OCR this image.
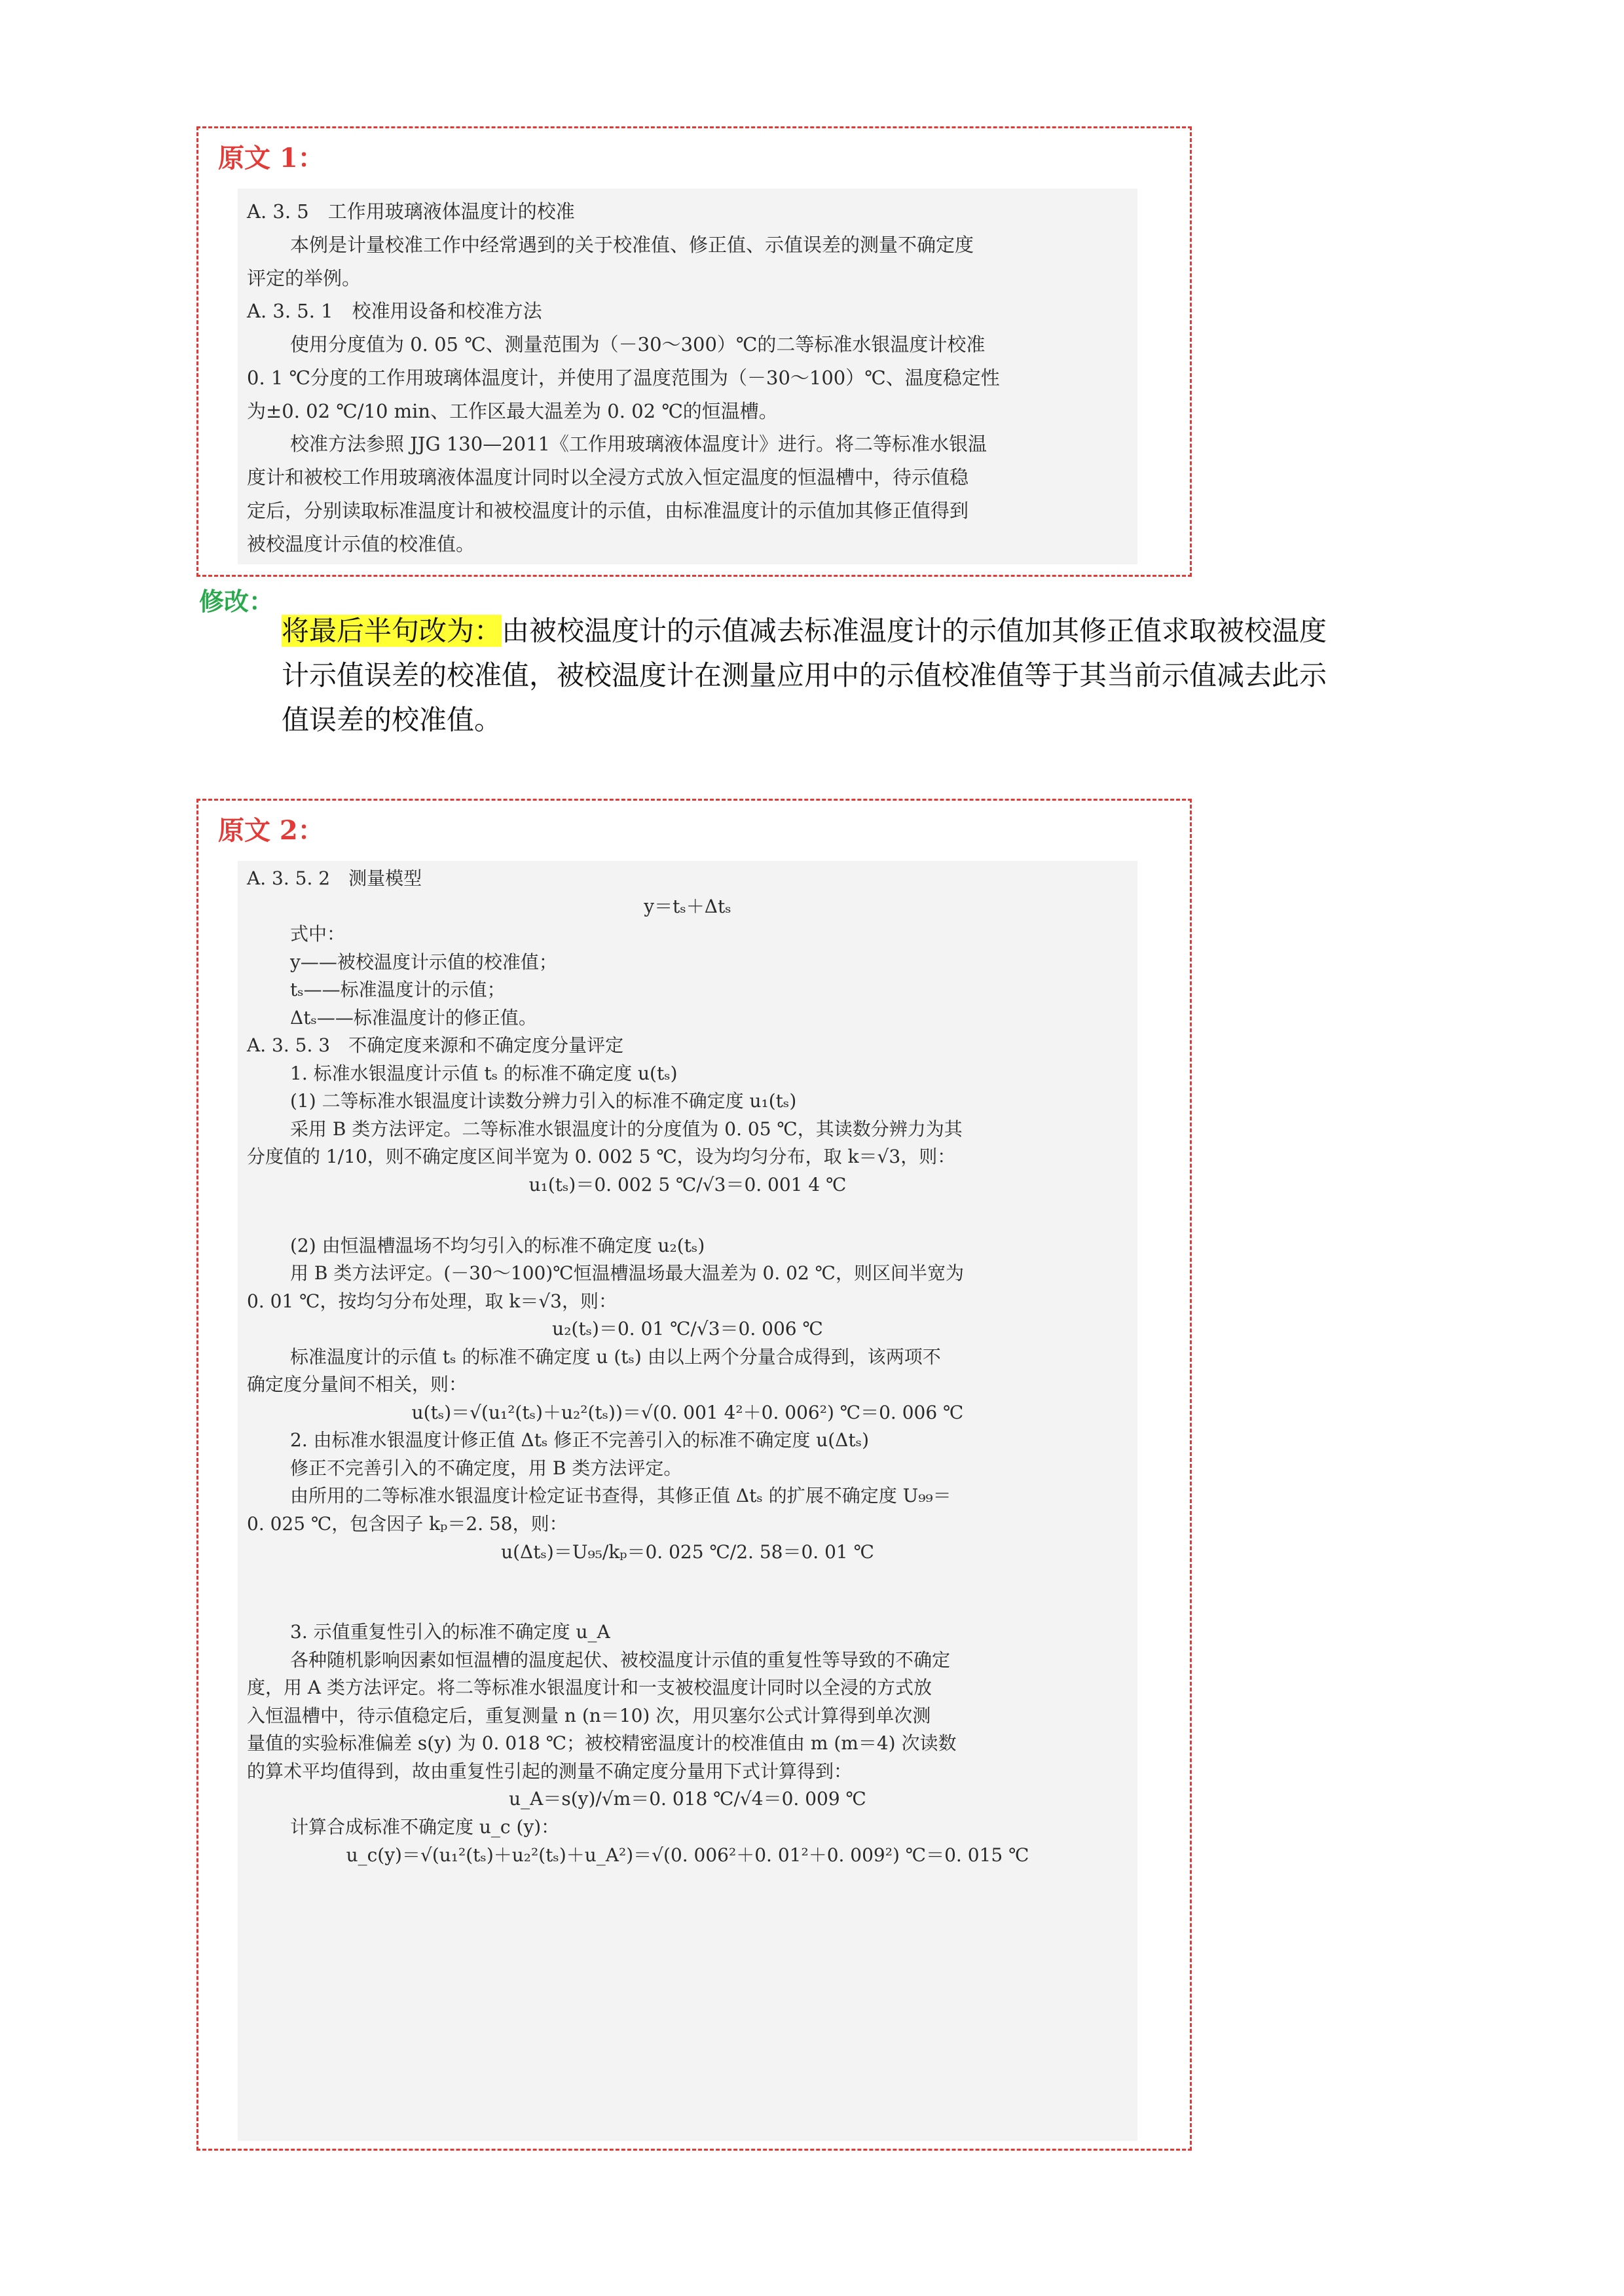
原文 1：

A. 3. 5　工作用玻璃液体温度计的校准

本例是计量校准工作中经常遇到的关于校准值、修正值、示值误差的测量不确定度

评定的举例。

A. 3. 5. 1　校准用设备和校准方法

使用分度值为 0. 05 ℃、测量范围为（－30～300）℃的二等标准水银温度计校准

0. 1 ℃分度的工作用玻璃体温度计，并使用了温度范围为（－30～100）℃、温度稳定性

为±0. 02 ℃/10 min、工作区最大温差为 0. 02 ℃的恒温槽。

校准方法参照 JJG 130—2011《工作用玻璃液体温度计》进行。将二等标准水银温

度计和被校工作用玻璃液体温度计同时以全浸方式放入恒定温度的恒温槽中，待示值稳

定后，分别读取标准温度计和被校温度计的示值，由标准温度计的示值加其修正值得到

被校温度计示值的校准值。

修改：
将最后半句改为：由被校温度计的示值减去标准温度计的示值加其修正值求取被校温度计示值误差的校准值，被校温度计在测量应用中的示值校准值等于其当前示值减去此示值误差的校准值。
原文 2：

A. 3. 5. 2　测量模型

y＝tₛ＋Δtₛ

式中：

y——被校温度计示值的校准值；

tₛ——标准温度计的示值；

Δtₛ——标准温度计的修正值。

A. 3. 5. 3　不确定度来源和不确定度分量评定

1. 标准水银温度计示值 tₛ 的标准不确定度 u(tₛ)

(1) 二等标准水银温度计读数分辨力引入的标准不确定度 u₁(tₛ)

采用 B 类方法评定。二等标准水银温度计的分度值为 0. 05 ℃，其读数分辨力为其

分度值的 1/10，则不确定度区间半宽为 0. 002 5 ℃，设为均匀分布，取 k＝√3，则：

u₁(tₛ)＝0. 002 5 ℃/√3＝0. 001 4 ℃

(2) 由恒温槽温场不均匀引入的标准不确定度 u₂(tₛ)

用 B 类方法评定。(－30～100)℃恒温槽温场最大温差为 0. 02 ℃，则区间半宽为

0. 01 ℃，按均匀分布处理，取 k＝√3，则：

u₂(tₛ)＝0. 01 ℃/√3＝0. 006 ℃

标准温度计的示值 tₛ 的标准不确定度 u (tₛ) 由以上两个分量合成得到，该两项不

确定度分量间不相关，则：

u(tₛ)＝√(u₁²(tₛ)＋u₂²(tₛ))＝√(0. 001 4²＋0. 006²) ℃＝0. 006 ℃

2. 由标准水银温度计修正值 Δtₛ 修正不完善引入的标准不确定度 u(Δtₛ)

修正不完善引入的不确定度，用 B 类方法评定。

由所用的二等标准水银温度计检定证书查得，其修正值 Δtₛ 的扩展不确定度 U₉₉＝

0. 025 ℃，包含因子 kₚ＝2. 58，则：

u(Δtₛ)＝U₉₅/kₚ＝0. 025 ℃/2. 58＝0. 01 ℃

3. 示值重复性引入的标准不确定度 u_A

各种随机影响因素如恒温槽的温度起伏、被校温度计示值的重复性等导致的不确定

度，用 A 类方法评定。将二等标准水银温度计和一支被校温度计同时以全浸的方式放

入恒温槽中，待示值稳定后，重复测量 n (n＝10) 次，用贝塞尔公式计算得到单次测

量值的实验标准偏差 s(y) 为 0. 018 ℃；被校精密温度计的校准值由 m (m＝4) 次读数

的算术平均值得到，故由重复性引起的测量不确定度分量用下式计算得到：

u_A＝s(y)/√m＝0. 018 ℃/√4＝0. 009 ℃

计算合成标准不确定度 u_c (y)：

u_c(y)＝√(u₁²(tₛ)＋u₂²(tₛ)＋u_A²)＝√(0. 006²＋0. 01²＋0. 009²) ℃＝0. 015 ℃
